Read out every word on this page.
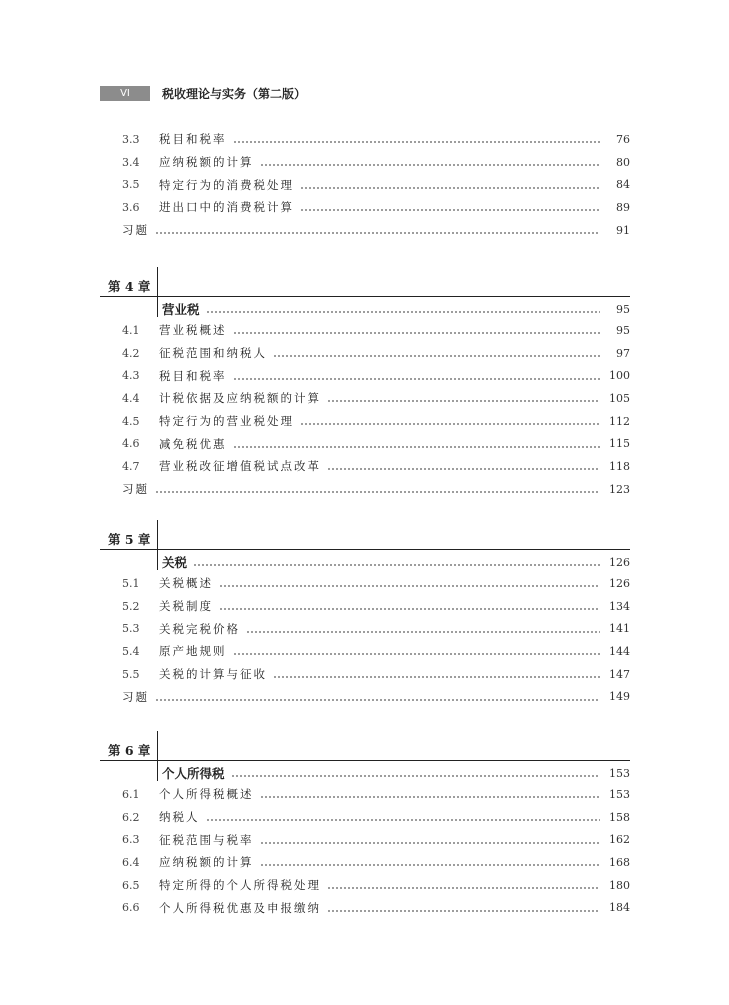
VI	税收理论与实务（第二版）
3.3	税目和税率	76
3.4	应纳税额的计算	80
3.5	特定行为的消费税处理	84
3.6	进出口中的消费税计算	89
习题	91
第 4 章
营业税	95
4.1	营业税概述	95
4.2	征税范围和纳税人	97
4.3	税目和税率	100
4.4	计税依据及应纳税额的计算	105
4.5	特定行为的营业税处理	112
4.6	减免税优惠	115
4.7	营业税改征增值税试点改革	118
习题	123
第 5 章
关税	126
5.1	关税概述	126
5.2	关税制度	134
5.3	关税完税价格	141
5.4	原产地规则	144
5.5	关税的计算与征收	147
习题	149
第 6 章
个人所得税	153
6.1	个人所得税概述	153
6.2	纳税人	158
6.3	征税范围与税率	162
6.4	应纳税额的计算	168
6.5	特定所得的个人所得税处理	180
6.6	个人所得税优惠及申报缴纳	184
